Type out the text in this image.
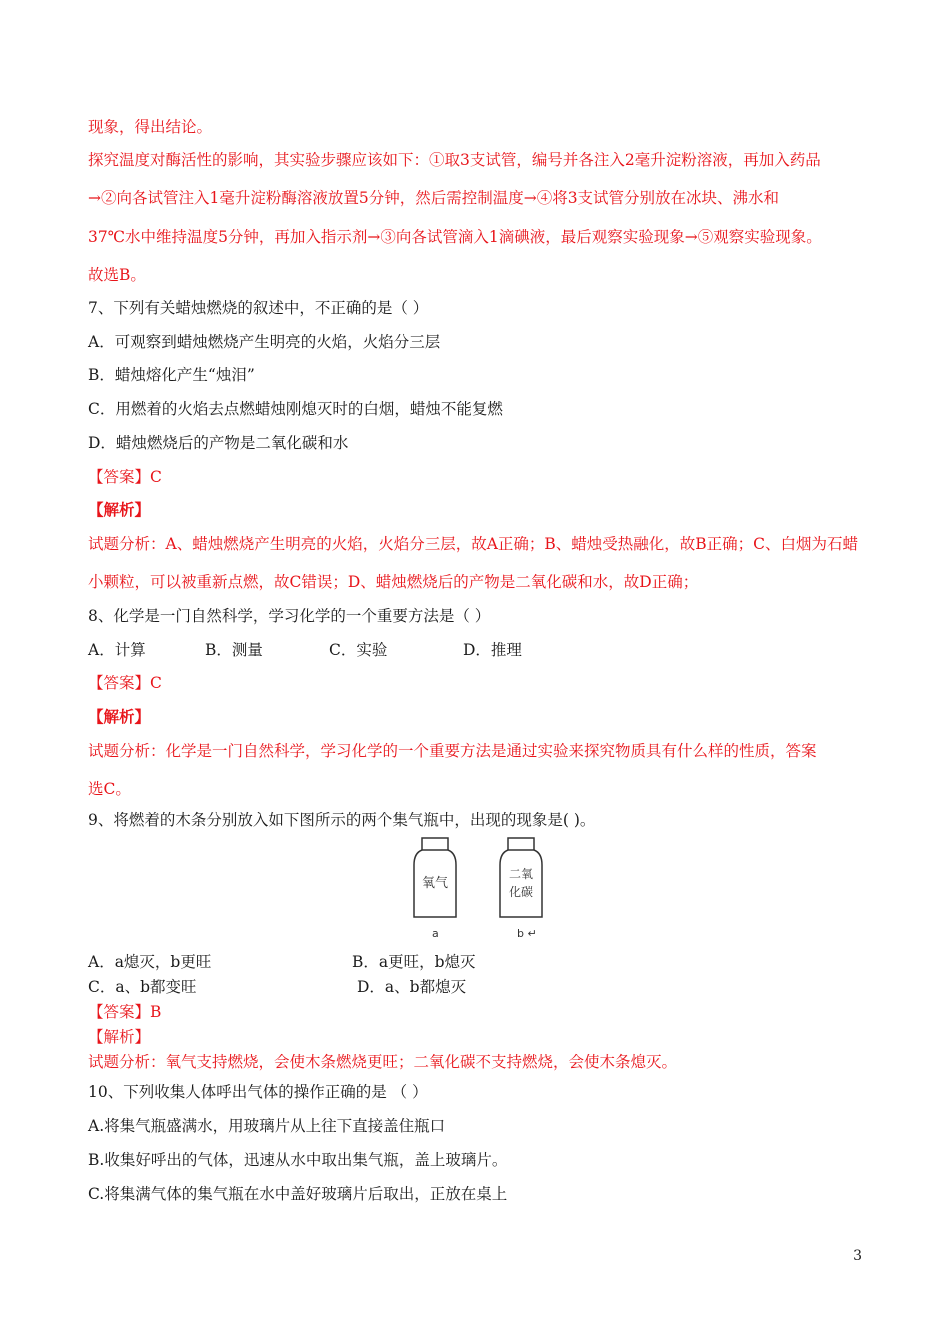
现象，得出结论。
探究温度对酶活性的影响，其实验步骤应该如下：①取3支试管，编号并各注入2毫升淀粉溶液，再加入药品
→②向各试管注入1毫升淀粉酶溶液放置5分钟，然后需控制温度→④将3支试管分别放在冰块、沸水和
37℃水中维持温度5分钟，再加入指示剂→③向各试管滴入1滴碘液，最后观察实验现象→⑤观察实验现象。
故选B。
7、下列有关蜡烛燃烧的叙述中，不正确的是（ ）
A．可观察到蜡烛燃烧产生明亮的火焰，火焰分三层
B．蜡烛熔化产生“烛泪”
C．用燃着的火焰去点燃蜡烛刚熄灭时的白烟，蜡烛不能复燃
D．蜡烛燃烧后的产物是二氧化碳和水
【答案】C
【解析】
试题分析：A、蜡烛燃烧产生明亮的火焰，火焰分三层，故A正确；B、蜡烛受热融化，故B正确；C、白烟为石蜡
小颗粒，可以被重新点燃，故C错误；D、蜡烛燃烧后的产物是二氧化碳和水，故D正确；
8、化学是一门自然科学，学习化学的一个重要方法是（ ）
A．计算	B．测量	C．实验	D．推理
【答案】C
【解析】
试题分析：化学是一门自然科学，学习化学的一个重要方法是通过实验来探究物质具有什么样的性质，答案
选C。
9、将燃着的木条分别放入如下图所示的两个集气瓶中，出现的现象是( )。
氧气
二氧
化碳
a	b ↵
A．a熄灭，b更旺	B．a更旺，b熄灭
C．a、b都变旺	D．a、b都熄灭
【答案】B
【解析】
试题分析：氧气支持燃烧，会使木条燃烧更旺；二氧化碳不支持燃烧，会使木条熄灭。
10、下列收集人体呼出气体的操作正确的是 （ ）
A.将集气瓶盛满水，用玻璃片从上往下直接盖住瓶口
B.收集好呼出的气体，迅速从水中取出集气瓶，盖上玻璃片。
C.将集满气体的集气瓶在水中盖好玻璃片后取出，正放在桌上
3
